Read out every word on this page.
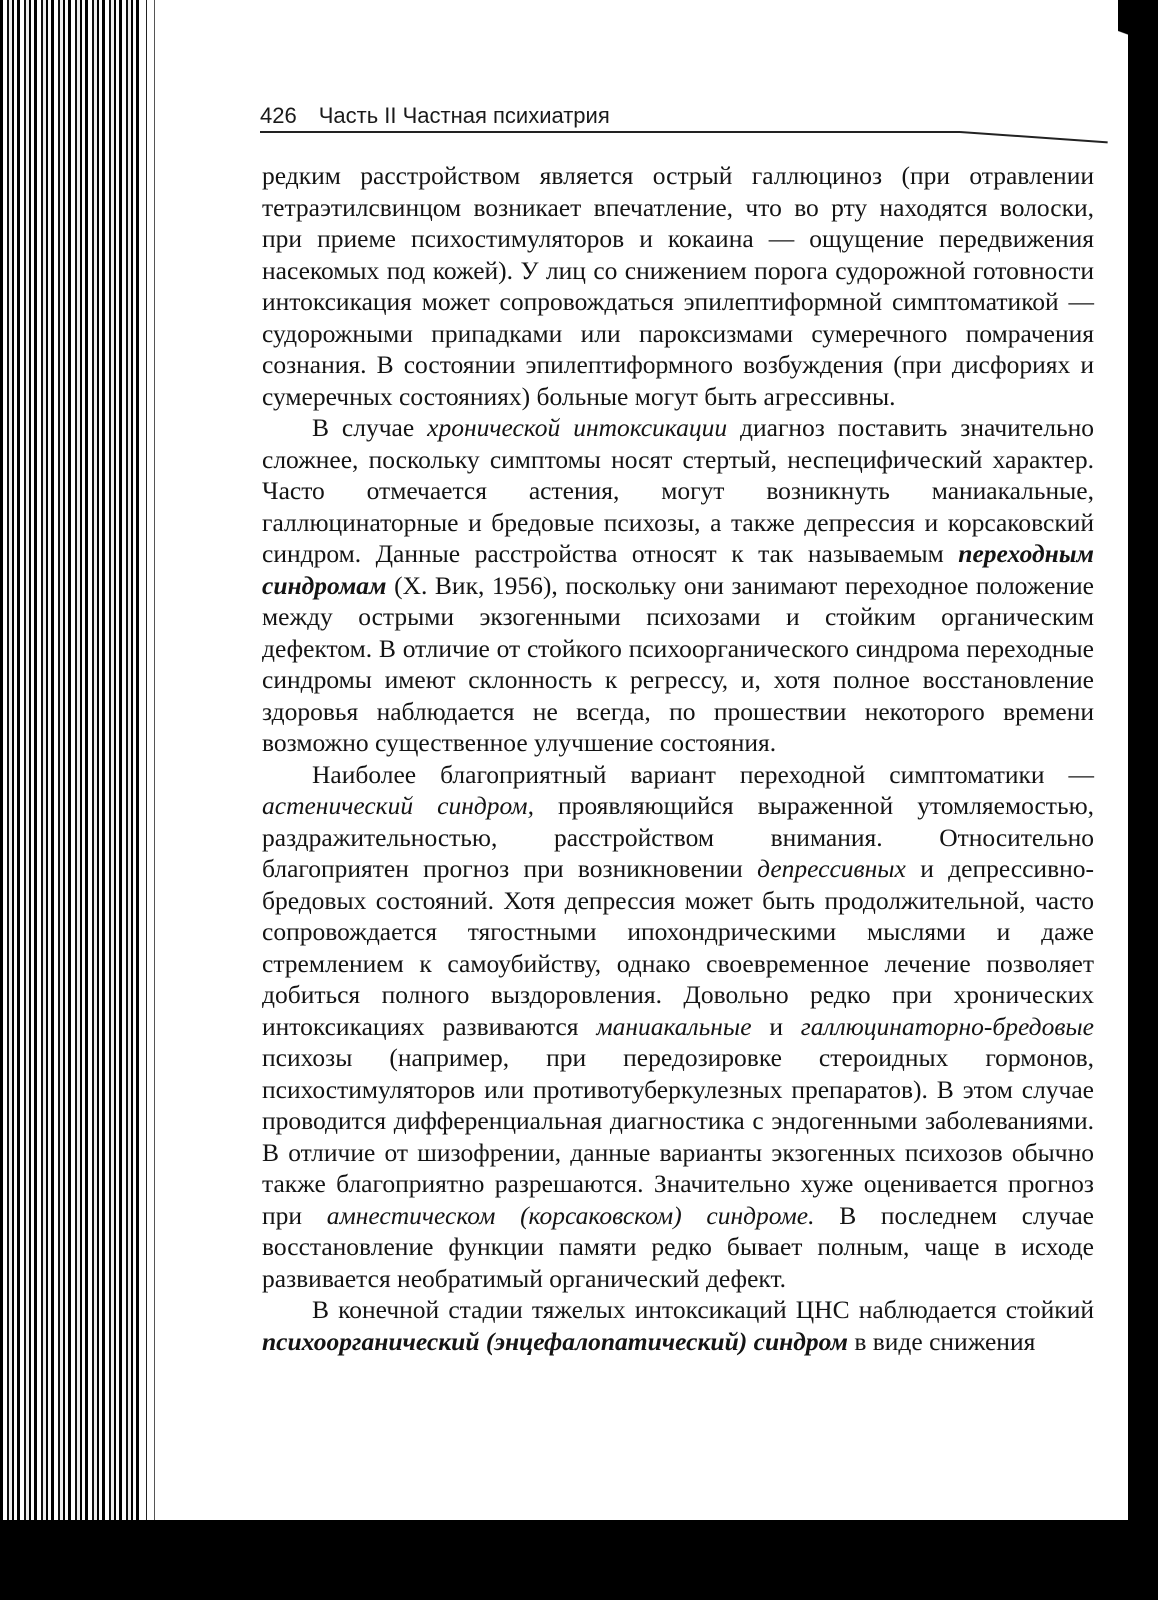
426 Часть II Частная психиатрия

редким расстройством является острый галлюциноз (при отравлении тетраэтилсвинцом возникает впечатление, что во рту находятся волоски, при приеме психостимуляторов и кокаина — ощущение передвижения насекомых под кожей). У лиц со снижением порога судорожной готовности интоксикация может сопровождаться эпилептиформной симптоматикой — судорожными припадками или пароксизмами сумеречного помрачения сознания. В состоянии эпилептиформного возбуждения (при дисфориях и сумеречных состояниях) больные могут быть агрессивны.

В случае хронической интоксикации диагноз поставить значительно сложнее, поскольку симптомы носят стертый, неспецифический характер. Часто отмечается астения, могут возникнуть маниакальные, галлюцинаторные и бредовые психозы, а также депрессия и корсаковский синдром. Данные расстройства относят к так называемым переходным синдромам (X. Вик, 1956), поскольку они занимают переходное положение между острыми экзогенными психозами и стойким органическим дефектом. В отличие от стойкого психоорганического синдрома переходные синдромы имеют склонность к регрессу, и, хотя полное восстановление здоровья наблюдается не всегда, по прошествии некоторого времени возможно существенное улучшение состояния.

Наиболее благоприятный вариант переходной симптоматики — астенический синдром, проявляющийся выраженной утомляемостью, раздражительностью, расстройством внимания. Относительно благоприятен прогноз при возникновении депрессивных и депрессивно-бредовых состояний. Хотя депрессия может быть продолжительной, часто сопровождается тягостными ипохондрическими мыслями и даже стремлением к самоубийству, однако своевременное лечение позволяет добиться полного выздоровления. Довольно редко при хронических интоксикациях развиваются маниакальные и галлюцинаторно-бредовые психозы (например, при передозировке стероидных гормонов, психостимуляторов или противотуберкулезных препаратов). В этом случае проводится дифференциальная диагностика с эндогенными заболеваниями. В отличие от шизофрении, данные варианты экзогенных психозов обычно также благоприятно разрешаются. Значительно хуже оценивается прогноз при амнестическом (корсаковском) синдроме. В последнем случае восстановление функции памяти редко бывает полным, чаще в исходе развивается необратимый органический дефект.

В конечной стадии тяжелых интоксикаций ЦНС наблюдается стойкий психоорганический (энцефалопатический) синдром в виде снижения
